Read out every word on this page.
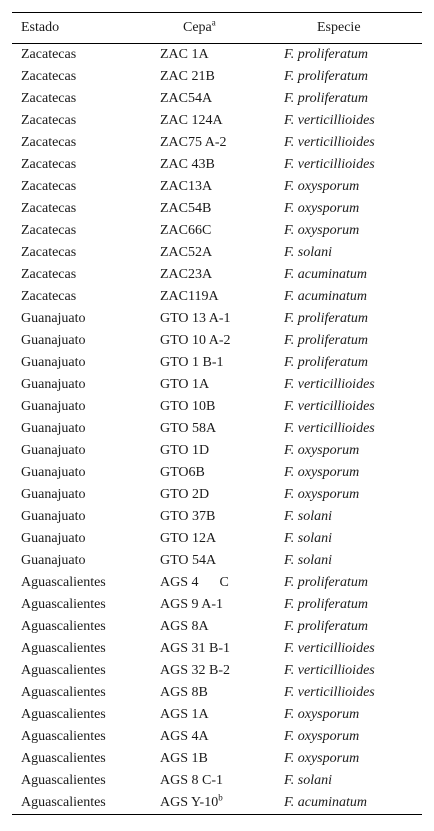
Estado	Cepa$^a$	Especie
Zacatecas	ZAC 1A	F. proliferatum
Zacatecas	ZAC 21B	F. proliferatum
Zacatecas	ZAC54A	F. proliferatum
Zacatecas	ZAC 124A	F. verticillioides
Zacatecas	ZAC75 A-2	F. verticillioides
Zacatecas	ZAC 43B	F. verticillioides
Zacatecas	ZAC13A	F. oxysporum
Zacatecas	ZAC54B	F. oxysporum
Zacatecas	ZAC66C	F. oxysporum
Zacatecas	ZAC52A	F. solani
Zacatecas	ZAC23A	F. acuminatum
Zacatecas	ZAC119A	F. acuminatum
Guanajuato	GTO 13 A-1	F. proliferatum
Guanajuato	GTO 10 A-2	F. proliferatum
Guanajuato	GTO 1 B-1	F. proliferatum
Guanajuato	GTO 1A	F. verticillioides
Guanajuato	GTO 10B	F. verticillioides
Guanajuato	GTO 58A	F. verticillioides
Guanajuato	GTO 1D	F. oxysporum
Guanajuato	GTO6B	F. oxysporum
Guanajuato	GTO 2D	F. oxysporum
Guanajuato	GTO 37B	F. solani
Guanajuato	GTO 12A	F. solani
Guanajuato	GTO 54A	F. solani
Aguascalientes	AGS 4  C	F. proliferatum
Aguascalientes	AGS 9 A-1	F. proliferatum
Aguascalientes	AGS 8A	F. proliferatum
Aguascalientes	AGS 31 B-1	F. verticillioides
Aguascalientes	AGS 32 B-2	F. verticillioides
Aguascalientes	AGS 8B	F. verticillioides
Aguascalientes	AGS 1A	F. oxysporum
Aguascalientes	AGS 4A	F. oxysporum
Aguascalientes	AGS 1B	F. oxysporum
Aguascalientes	AGS 8 C-1	F. solani
Aguascalientes	AGS Y-10$^b$	F. acuminatum
